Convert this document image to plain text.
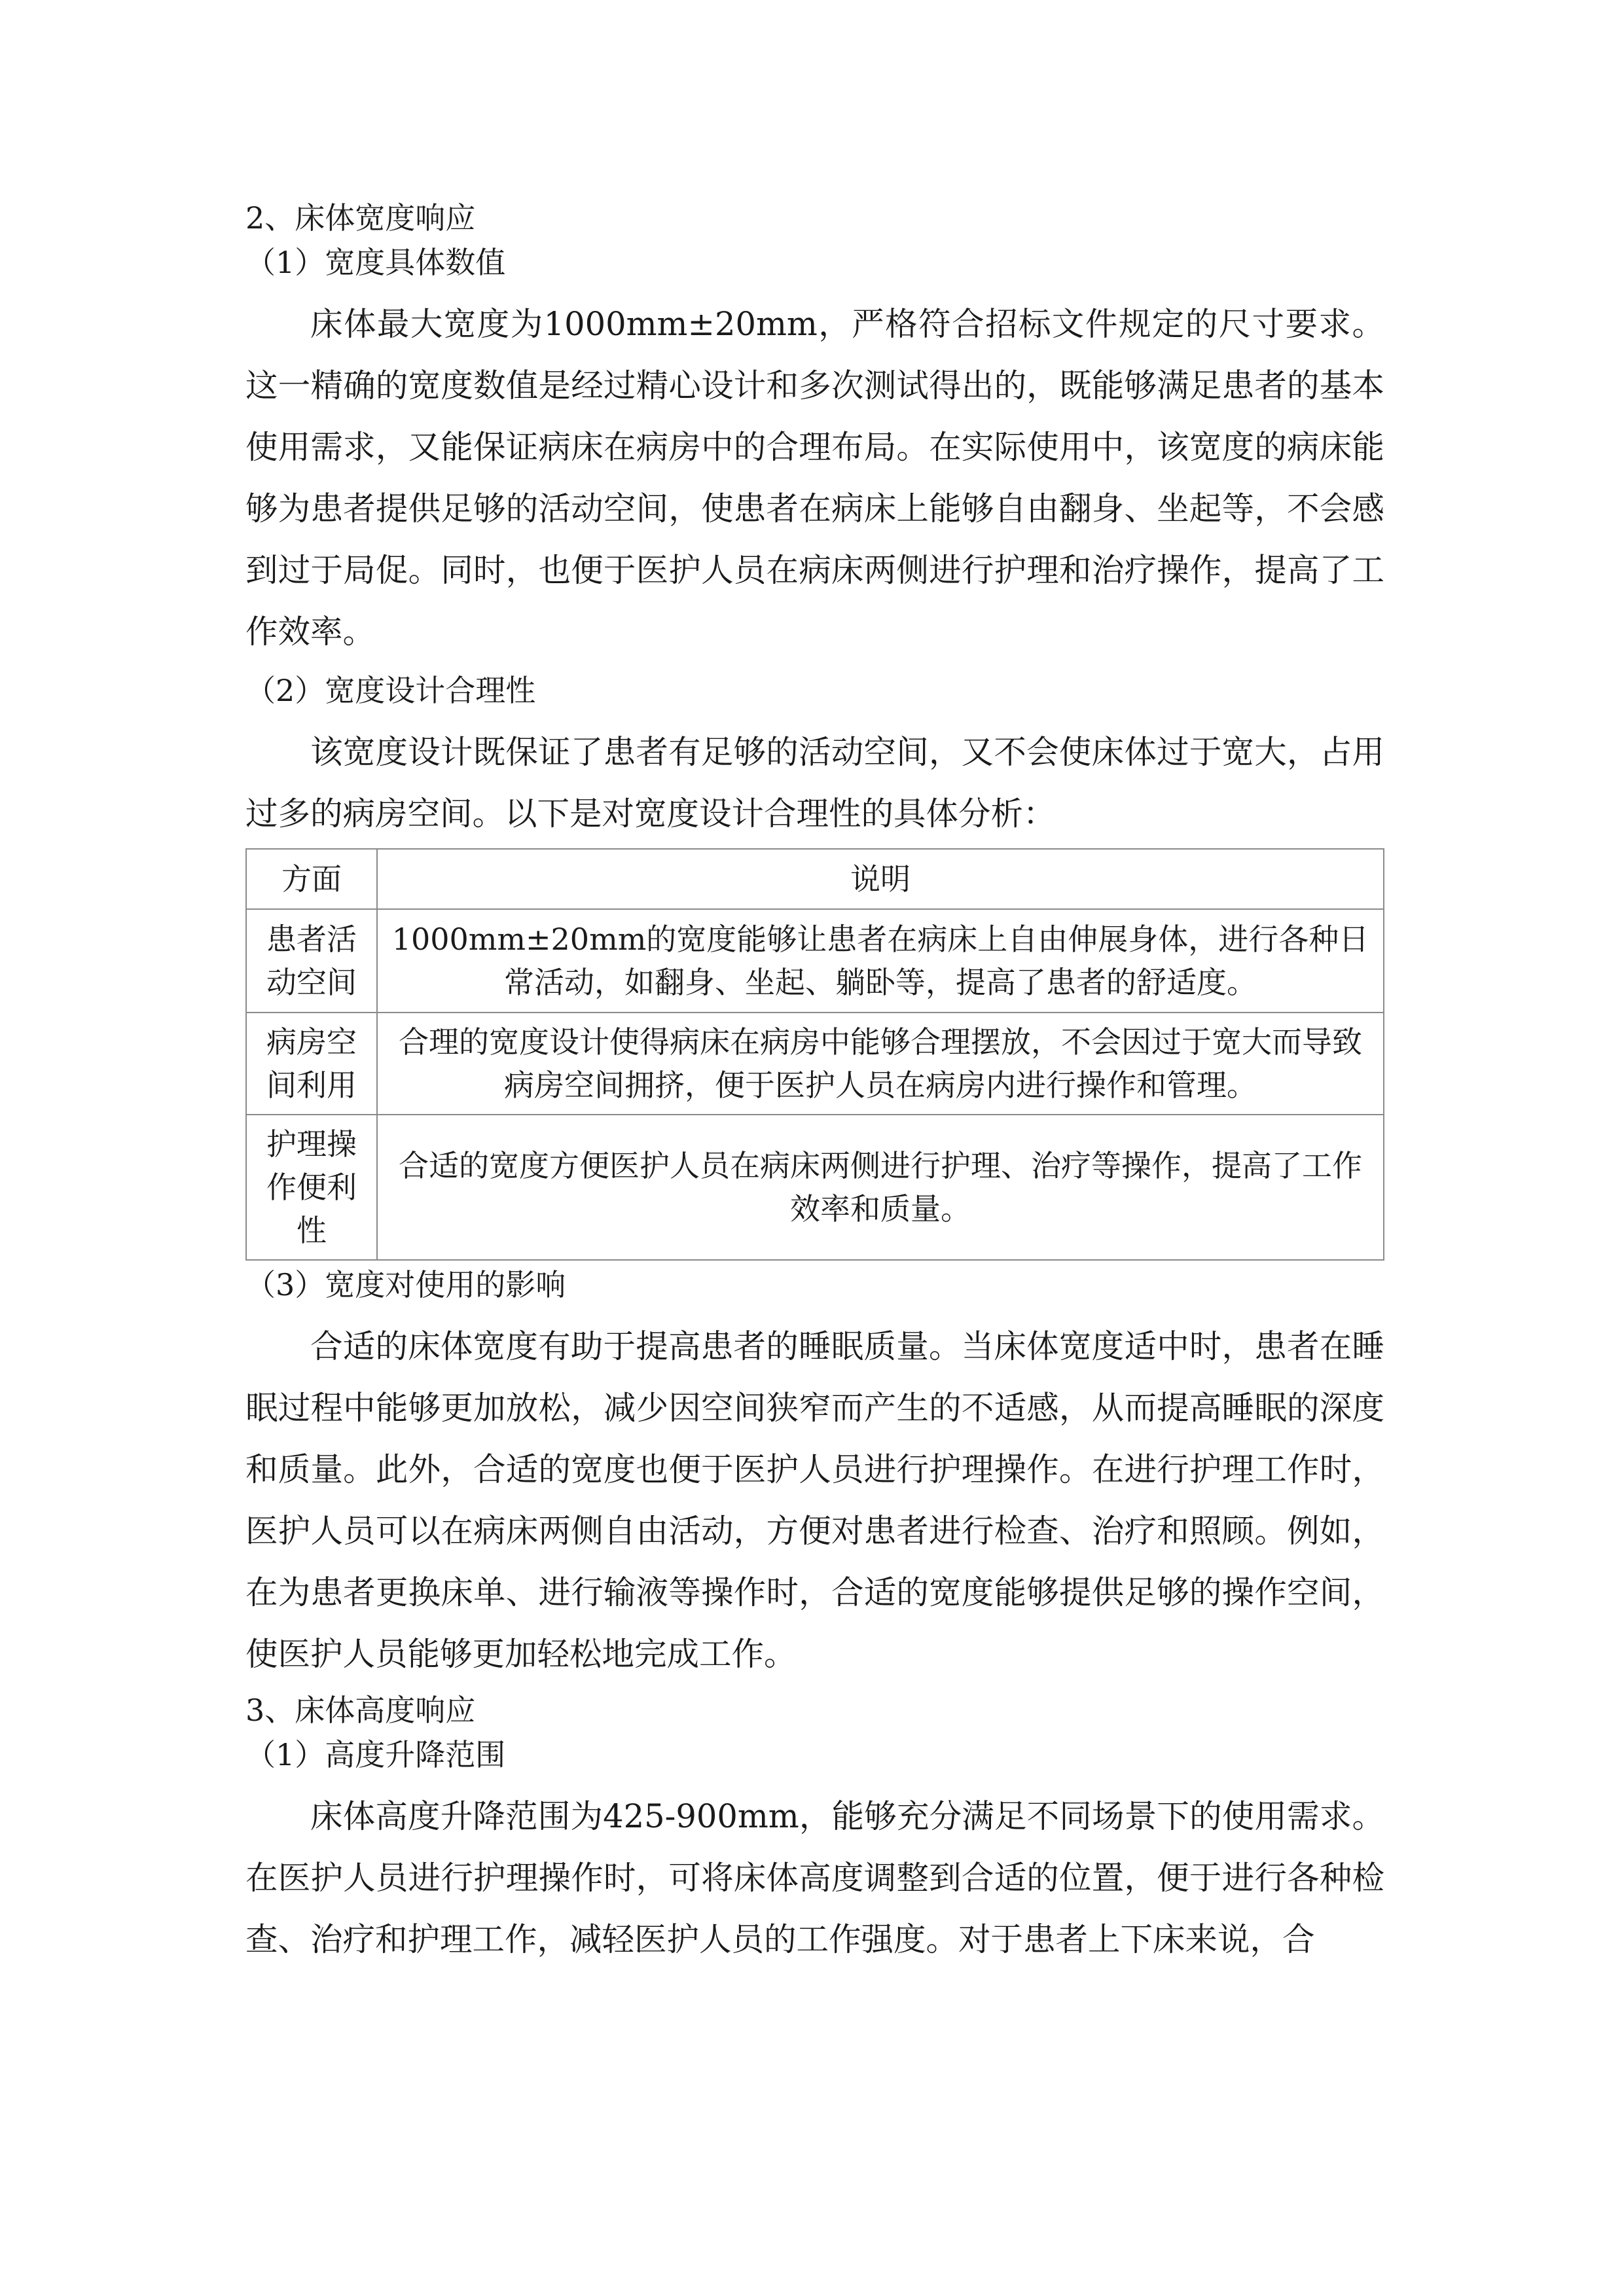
2、床体宽度响应

（1）宽度具体数值

床体最大宽度为1000mm±20mm，严格符合招标文件规定的尺寸要求。这一精确的宽度数值是经过精心设计和多次测试得出的，既能够满足患者的基本使用需求，又能保证病床在病房中的合理布局。在实际使用中，该宽度的病床能够为患者提供足够的活动空间，使患者在病床上能够自由翻身、坐起等，不会感到过于局促。同时，也便于医护人员在病床两侧进行护理和治疗操作，提高了工作效率。

（2）宽度设计合理性

该宽度设计既保证了患者有足够的活动空间，又不会使床体过于宽大，占用过多的病房空间。以下是对宽度设计合理性的具体分析：

方面	说明
患者活动空间	1000mm±20mm的宽度能够让患者在病床上自由伸展身体，进行各种日常活动，如翻身、坐起、躺卧等，提高了患者的舒适度。
病房空间利用	合理的宽度设计使得病床在病房中能够合理摆放，不会因过于宽大而导致病房空间拥挤，便于医护人员在病房内进行操作和管理。
护理操作便利性	合适的宽度方便医护人员在病床两侧进行护理、治疗等操作，提高了工作效率和质量。

（3）宽度对使用的影响

合适的床体宽度有助于提高患者的睡眠质量。当床体宽度适中时，患者在睡眠过程中能够更加放松，减少因空间狭窄而产生的不适感，从而提高睡眠的深度和质量。此外，合适的宽度也便于医护人员进行护理操作。在进行护理工作时，医护人员可以在病床两侧自由活动，方便对患者进行检查、治疗和照顾。例如，在为患者更换床单、进行输液等操作时，合适的宽度能够提供足够的操作空间，使医护人员能够更加轻松地完成工作。

3、床体高度响应

（1）高度升降范围

床体高度升降范围为425-900mm，能够充分满足不同场景下的使用需求。在医护人员进行护理操作时，可将床体高度调整到合适的位置，便于进行各种检查、治疗和护理工作，减轻医护人员的工作强度。对于患者上下床来说，合
